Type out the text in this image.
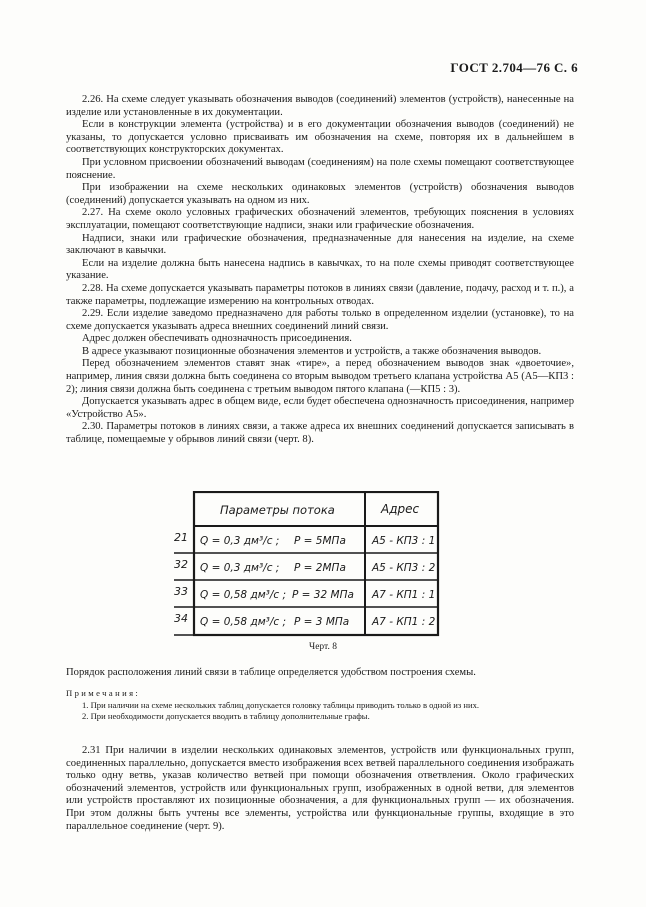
ГОСТ 2.704—76 С. 6

2.26. На схеме следует указывать обозначения выводов (соединений) элементов (устройств), нанесенные на изделие или установленные в их документации.

Если в конструкции элемента (устройства) и в его документации обозначения выводов (соединений) не указаны, то допускается условно присваивать им обозначения на схеме, повторяя их в дальнейшем в соответствующих конструкторских документах.

При условном присвоении обозначений выводам (соединениям) на поле схемы помещают соответствующее пояснение.

При изображении на схеме нескольких одинаковых элементов (устройств) обозначения выводов (соединений) допускается указывать на одном из них.

2.27. На схеме около условных графических обозначений элементов, требующих пояснения в условиях эксплуатации, помещают соответствующие надписи, знаки или графические обозначения.

Надписи, знаки или графические обозначения, предназначенные для нанесения на изделие, на схеме заключают в кавычки.

Если на изделие должна быть нанесена надпись в кавычках, то на поле схемы приводят соответствующее указание.

2.28. На схеме допускается указывать параметры потоков в линиях связи (давление, подачу, расход и т. п.), а также параметры, подлежащие измерению на контрольных отводах.

2.29. Если изделие заведомо предназначено для работы только в определенном изделии (установке), то на схеме допускается указывать адреса внешних соединений линий связи.

Адрес должен обеспечивать однозначность присоединения.

В адресе указывают позиционные обозначения элементов и устройств, а также обозначения выводов.

Перед обозначением элементов ставят знак «тире», а перед обозначением выводов знак «двоеточие», например, линия связи должна быть соединена со вторым выводом третьего клапана устройства А5 (А5—КП3 : 2); линия связи должна быть соединена с третьим выводом пятого клапана (—КП5 : 3).

Допускается указывать адрес в общем виде, если будет обеспечена однозначность присоединения, например «Устройство А5».

2.30. Параметры потоков в линиях связи, а также адреса их внешних соединений допускается записывать в таблице, помещаемые у обрывов линий связи (черт. 8).

Параметры потока	Адрес
21 Q = 0,3 дм³/с ; P = 5МПа А5 - КП3 : 1
32 Q = 0,3 дм³/с ; P = 2МПа А5 - КП3 : 2
33 Q = 0,58 дм³/с ; P = 32 МПа А7 - КП1 : 1
34 Q = 0,58 дм³/с ; P = 3 МПа А7 - КП1 : 2
Черт. 8
Порядок расположения линий связи в таблице определяется удобством построения схемы.
Примечания:

1. При наличии на схеме нескольких таблиц допускается головку таблицы приводить только в одной из них.

2. При необходимости допускается вводить в таблицу дополнительные графы.

2.31 При наличии в изделии нескольких одинаковых элементов, устройств или функциональных групп, соединенных параллельно, допускается вместо изображения всех ветвей параллельного соединения изображать только одну ветвь, указав количество ветвей при помощи обозначения ответвления. Около графических обозначений элементов, устройств или функциональных групп, изображенных в одной ветви, для элементов или устройств проставляют их позиционные обозначения, а для функциональных групп — их обозначения. При этом должны быть учтены все элементы, устройства или функциональные группы, входящие в это параллельное соединение (черт. 9).
